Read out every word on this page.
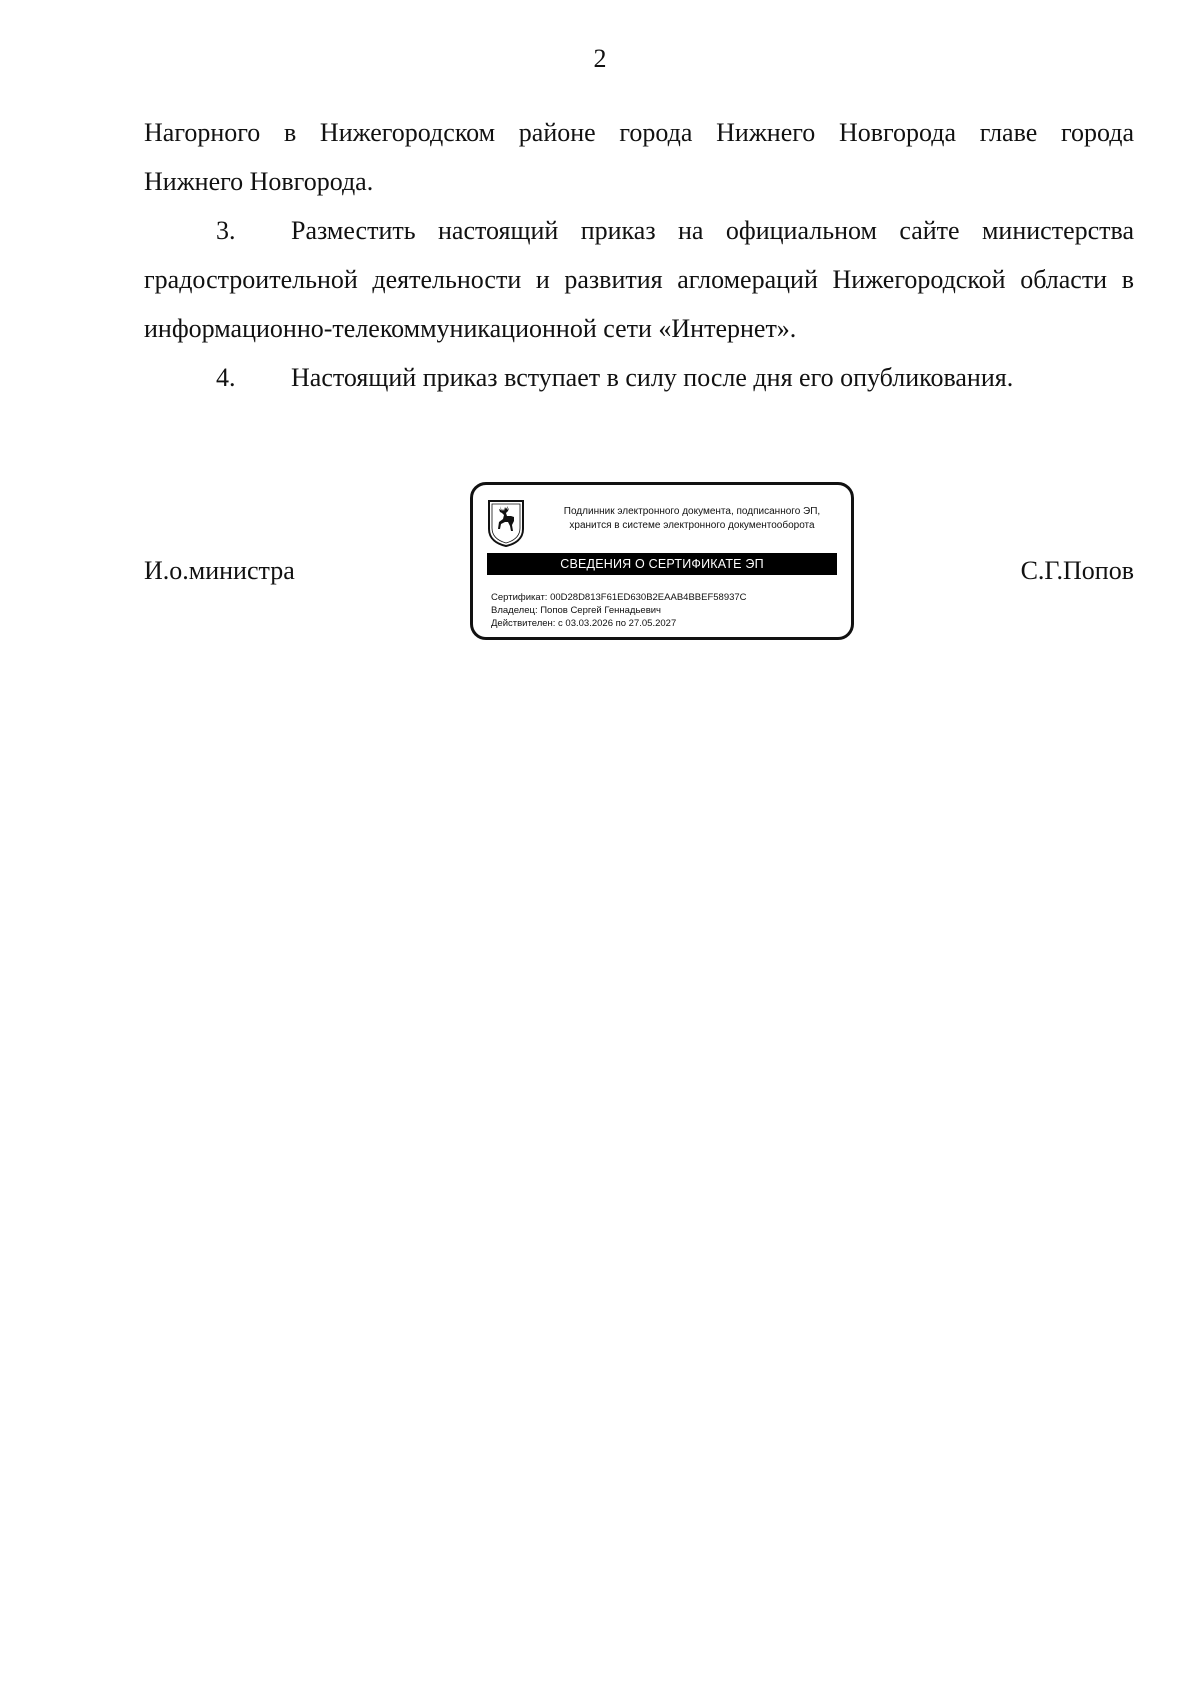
2

Нагорного в Нижегородском районе города Нижнего Новгорода главе города
Нижнего Новгорода.

3. Разместить настоящий приказ на официальном сайте министерства градостроительной деятельности и развития агломераций Нижегородской области в информационно-телекоммуникационной сети «Интернет».

4. Настоящий приказ вступает в силу после дня его опубликования.

И.о.министра	С.Г.Попов
Подлинник электронного документа, подписанного ЭП,
хранится в системе электронного документооборота
СВЕДЕНИЯ О СЕРТИФИКАТЕ ЭП
Сертификат: 00D28D813F61ED630B2EAAB4BBEF58937C
Владелец: Попов Сергей Геннадьевич
Действителен: с 03.03.2026 по 27.05.2027
